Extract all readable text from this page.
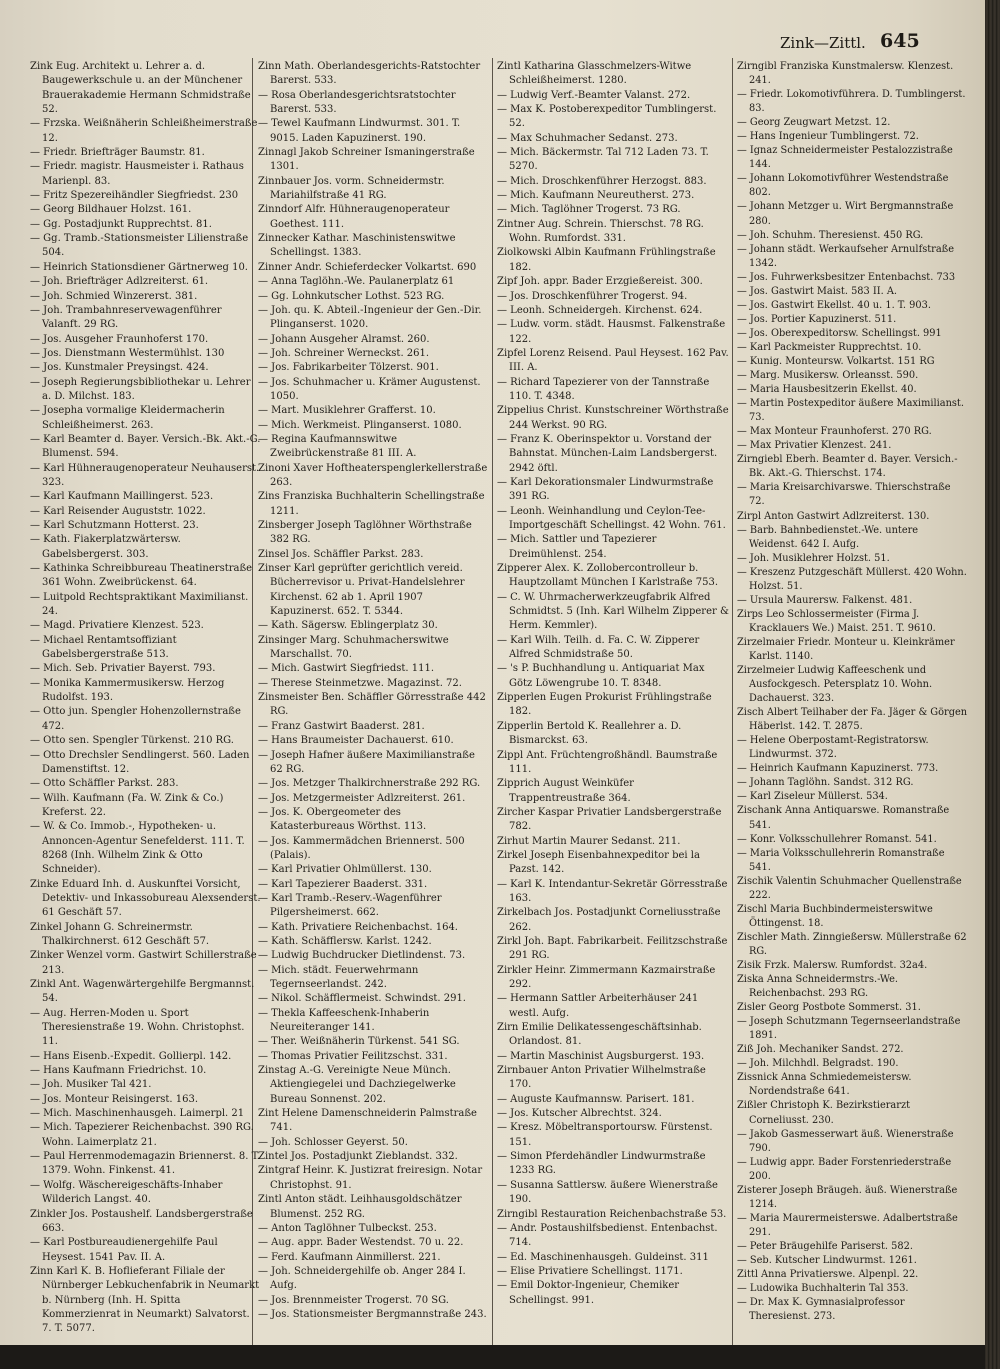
Zink—Zittl. 645

Zink Eug. Architekt u. Lehrer a. d. Baugewerkschule u. an der Münchener Brauerakademie Hermann Schmidstraße 52.

— Frzska. Weißnäherin Schleißheimerstraße 12.

— Friedr. Briefträger Baumstr. 81.

— Friedr. magistr. Hausmeister i. Rathaus Marienpl. 83.

— Fritz Spezereihändler Siegfriedst. 230

— Georg Bildhauer Holzst. 161.

— Gg. Postadjunkt Rupprechtst. 81.

— Gg. Tramb.-Stationsmeister Lilienstraße 504.

— Heinrich Stationsdiener Gärtnerweg 10.

— Joh. Briefträger Adlzreiterst. 61.

— Joh. Schmied Winzererst. 381.

— Joh. Trambahnreservewagenführer Valanft. 29 RG.

— Jos. Ausgeher Fraunhoferst 170.

— Jos. Dienstmann Westermühlst. 130

— Jos. Kunstmaler Preysingst. 424.

— Joseph Regierungsbibliothekar u. Lehrer a. D. Milchst. 183.

— Josepha vormalige Kleidermacherin Schleißheimerst. 263.

— Karl Beamter d. Bayer. Versich.-Bk. Akt.-G. Blumenst. 594.

— Karl Hühneraugenoperateur Neuhauserst. 323.

— Karl Kaufmann Maillingerst. 523.

— Karl Reisender Auguststr. 1022.

— Karl Schutzmann Hotterst. 23.

— Kath. Fiakerplatzwärtersw. Gabelsbergerst. 303.

— Kathinka Schreibbureau Theatinerstraße 361 Wohn. Zweibrückenst. 64.

— Luitpold Rechtspraktikant Maximilianst. 24.

— Magd. Privatiere Klenzest. 523.

— Michael Rentamtsoffiziant Gabelsbergerstraße 513.

— Mich. Seb. Privatier Bayerst. 793.

— Monika Kammermusikersw. Herzog Rudolfst. 193.

— Otto jun. Spengler Hohenzollernstraße 472.

— Otto sen. Spengler Türkenst. 210 RG.

— Otto Drechsler Sendlingerst. 560. Laden Damenstiftst. 12.

— Otto Schäffler Parkst. 283.

— Wilh. Kaufmann (Fa. W. Zink & Co.) Kreferst. 22.

— W. & Co. Immob.-, Hypotheken- u. Annoncen-Agentur Senefelderst. 111. T. 8268 (Inh. Wilhelm Zink & Otto Schneider).

Zinke Eduard Inh. d. Auskunftei Vorsicht, Detektiv- und Inkassobureau Alexsenderst. 61 Geschäft 57.

Zinkel Johann G. Schreinermstr. Thalkirchnerst. 612 Geschäft 57.

Zinker Wenzel vorm. Gastwirt Schillerstraße 213.

Zinkl Ant. Wagenwärtergehilfe Bergmannst. 54.

— Aug. Herren-Moden u. Sport Theresienstraße 19. Wohn. Christophst. 11.

— Hans Eisenb.-Expedit. Gollierpl. 142.

— Hans Kaufmann Friedrichst. 10.

— Joh. Musiker Tal 421.

— Jos. Monteur Reisingerst. 163.

— Mich. Maschinenhausgeh. Laimerpl. 21

— Mich. Tapezierer Reichenbachst. 390 RG. Wohn. Laimerplatz 21.

— Paul Herrenmodemagazin Briennerst. 8. T. 1379. Wohn. Finkenst. 41.

— Wolfg. Wäschereigeschäfts-Inhaber Wilderich Langst. 40.

Zinkler Jos. Postaushelf. Landsbergerstraße 663.

— Karl Postbureaudienergehilfe Paul Heysest. 1541 Pav. II. A.

Zinn Karl K. B. Hoflieferant Filiale der Nürnberger Lebkuchenfabrik in Neumarkt b. Nürnberg (Inh. H. Spitta Kommerzienrat in Neumarkt) Salvatorst. 7. T. 5077.

Zinn Math. Oberlandesgerichts-Ratstochter Barerst. 533.

— Rosa Oberlandesgerichtsratstochter Barerst. 533.

— Tewel Kaufmann Lindwurmst. 301. T. 9015. Laden Kapuzinerst. 190.

Zinnagl Jakob Schreiner Ismaningerstraße 1301.

Zinnbauer Jos. vorm. Schneidermstr. Mariahilfstraße 41 RG.

Zinndorf Alfr. Hühneraugenoperateur Goethest. 111.

Zinnecker Kathar. Maschinistenswitwe Schellingst. 1383.

Zinner Andr. Schieferdecker Volkartst. 690

— Anna Taglöhn.-We. Paulanerplatz 61

— Gg. Lohnkutscher Lothst. 523 RG.

— Joh. qu. K. Abteil.-Ingenieur der Gen.-Dir. Plinganserst. 1020.

— Johann Ausgeher Alramst. 260.

— Joh. Schreiner Werneckst. 261.

— Jos. Fabrikarbeiter Tölzerst. 901.

— Jos. Schuhmacher u. Krämer Augustenst. 1050.

— Mart. Musiklehrer Grafferst. 10.

— Mich. Werkmeist. Plinganserst. 1080.

— Regina Kaufmannswitwe Zweibrückenstraße 81 III. A.

Zinoni Xaver Hoftheaterspenglerkellerstraße 263.

Zins Franziska Buchhalterin Schellingstraße 1211.

Zinsberger Joseph Taglöhner Wörthstraße 382 RG.

Zinsel Jos. Schäffler Parkst. 283.

Zinser Karl geprüfter gerichtlich vereid. Bücherrevisor u. Privat-Handelslehrer Kirchenst. 62 ab 1. April 1907 Kapuzinerst. 652. T. 5344.

— Kath. Sägersw. Eblingerplatz 30.

Zinsinger Marg. Schuhmacherswitwe Marschallst. 70.

— Mich. Gastwirt Siegfriedst. 111.

— Therese Steinmetzwe. Magazinst. 72.

Zinsmeister Ben. Schäffler Görresstraße 442 RG.

— Franz Gastwirt Baaderst. 281.

— Hans Braumeister Dachauerst. 610.

— Joseph Hafner äußere Maximilianstraße 62 RG.

— Jos. Metzger Thalkirchnerstraße 292 RG.

— Jos. Metzgermeister Adlzreiterst. 261.

— Jos. K. Obergeometer des Katasterbureaus Wörthst. 113.

— Jos. Kammermädchen Briennerst. 500 (Palais).

— Karl Privatier Ohlmüllerst. 130.

— Karl Tapezierer Baaderst. 331.

— Karl Tramb.-Reserv.-Wagenführer Pilgersheimerst. 662.

— Kath. Privatiere Reichenbachst. 164.

— Kath. Schäfflersw. Karlst. 1242.

— Ludwig Buchdrucker Dietlindenst. 73.

— Mich. städt. Feuerwehrmann Tegernseerlandst. 242.

— Nikol. Schäfflermeist. Schwindst. 291.

— Thekla Kaffeeschenk-Inhaberin Neureiteranger 141.

— Ther. Weißnäherin Türkenst. 541 SG.

— Thomas Privatier Feilitzschst. 331.

Zinstag A.-G. Vereinigte Neue Münch. Aktiengiegelei und Dachziegelwerke Bureau Sonnenst. 202.

Zint Helene Damenschneiderin Palmstraße 741.

— Joh. Schlosser Geyerst. 50.

Zintel Jos. Postadjunkt Zieblandst. 332.

Zintgraf Heinr. K. Justizrat freiresign. Notar Christophst. 91.

Zintl Anton städt. Leihhausgoldschätzer Blumenst. 252 RG.

— Anton Taglöhner Tulbeckst. 253.

— Aug. appr. Bader Westendst. 70 u. 22.

— Ferd. Kaufmann Ainmillerst. 221.

— Joh. Schneidergehilfe ob. Anger 284 I. Aufg.

— Jos. Brennmeister Trogerst. 70 SG.

— Jos. Stationsmeister Bergmannstraße 243.

Zintl Katharina Glasschmelzers-Witwe Schleißheimerst. 1280.

— Ludwig Verf.-Beamter Valanst. 272.

— Max K. Postoberexpeditor Tumblingerst. 52.

— Max Schuhmacher Sedanst. 273.

— Mich. Bäckermstr. Tal 712 Laden 73. T. 5270.

— Mich. Droschkenführer Herzogst. 883.

— Mich. Kaufmann Neureutherst. 273.

— Mich. Taglöhner Trogerst. 73 RG.

Zintner Aug. Schrein. Thierschst. 78 RG. Wohn. Rumfordst. 331.

Ziolkowski Albin Kaufmann Frühlingstraße 182.

Zipf Joh. appr. Bader Erzgießereist. 300.

— Jos. Droschkenführer Trogerst. 94.

— Leonh. Schneidergeh. Kirchenst. 624.

— Ludw. vorm. städt. Hausmst. Falkenstraße 122.

Zipfel Lorenz Reisend. Paul Heysest. 162 Pav. III. A.

— Richard Tapezierer von der Tannstraße 110. T. 4348.

Zippelius Christ. Kunstschreiner Wörthstraße 244 Werkst. 90 RG.

— Franz K. Oberinspektor u. Vorstand der Bahnstat. München-Laim Landsbergerst. 2942 öftl.

— Karl Dekorationsmaler Lindwurmstraße 391 RG.

— Leonh. Weinhandlung und Ceylon-Tee-Importgeschäft Schellingst. 42 Wohn. 761.

— Mich. Sattler und Tapezierer Dreimühlenst. 254.

Zipperer Alex. K. Zollobercontrolleur b. Hauptzollamt München I Karlstraße 753.

— C. W. Uhrmacherwerkzeugfabrik Alfred Schmidtst. 5 (Inh. Karl Wilhelm Zipperer & Herm. Kemmler).

— Karl Wilh. Teilh. d. Fa. C. W. Zipperer Alfred Schmidstraße 50.

— 's P. Buchhandlung u. Antiquariat Max Götz Löwengrube 10. T. 8348.

Zipperlen Eugen Prokurist Frühlingstraße 182.

Zipperlin Bertold K. Reallehrer a. D. Bismarckst. 63.

Zippl Ant. Früchtengroßhändl. Baumstraße 111.

Zipprich August Weinküfer Trappentreustraße 364.

Zircher Kaspar Privatier Landsbergerstraße 782.

Zirhut Martin Maurer Sedanst. 211.

Zirkel Joseph Eisenbahnexpeditor bei la Pazst. 142.

— Karl K. Intendantur-Sekretär Görresstraße 163.

Zirkelbach Jos. Postadjunkt Corneliusstraße 262.

Zirkl Joh. Bapt. Fabrikarbeit. Feilitzschstraße 291 RG.

Zirkler Heinr. Zimmermann Kazmairstraße 292.

— Hermann Sattler Arbeiterhäuser 241 westl. Aufg.

Zirn Emilie Delikatessengeschäftsinhab. Orlandost. 81.

— Martin Maschinist Augsburgerst. 193.

Zirnbauer Anton Privatier Wilhelmstraße 170.

— Auguste Kaufmannsw. Parisert. 181.

— Jos. Kutscher Albrechtst. 324.

— Kresz. Möbeltransportoursw. Fürstenst. 151.

— Simon Pferdehändler Lindwurmstraße 1233 RG.

— Susanna Sattlersw. äußere Wienerstraße 190.

Zirngibl Restauration Reichenbachstraße 53.

— Andr. Postaushilfsbedienst. Entenbachst. 714.

— Ed. Maschinenhausgeh. Guldeinst. 311

— Elise Privatiere Schellingst. 1171.

— Emil Doktor-Ingenieur, Chemiker Schellingst. 991.

Zirngibl Franziska Kunstmalersw. Klenzest. 241.

— Friedr. Lokomotivführera. D. Tumblingerst. 83.

— Georg Zeugwart Metzst. 12.

— Hans Ingenieur Tumblingerst. 72.

— Ignaz Schneidermeister Pestalozzistraße 144.

— Johann Lokomotivführer Westendstraße 802.

— Johann Metzger u. Wirt Bergmannstraße 280.

— Joh. Schuhm. Theresienst. 450 RG.

— Johann städt. Werkaufseher Arnulfstraße 1342.

— Jos. Fuhrwerksbesitzer Entenbachst. 733

— Jos. Gastwirt Maist. 583 II. A.

— Jos. Gastwirt Ekellst. 40 u. 1. T. 903.

— Jos. Portier Kapuzinerst. 511.

— Jos. Oberexpeditorsw. Schellingst. 991

— Karl Packmeister Rupprechtst. 10.

— Kunig. Monteursw. Volkartst. 151 RG

— Marg. Musikersw. Orleansst. 590.

— Maria Hausbesitzerin Ekellst. 40.

— Martin Postexpeditor äußere Maximilianst. 73.

— Max Monteur Fraunhoferst. 270 RG.

— Max Privatier Klenzest. 241.

Zirngiebl Eberh. Beamter d. Bayer. Versich.-Bk. Akt.-G. Thierschst. 174.

— Maria Kreisarchivarswe. Thierschstraße 72.

Zirpl Anton Gastwirt Adlzreiterst. 130.

— Barb. Bahnbedienstet.-We. untere Weidenst. 642 I. Aufg.

— Joh. Musiklehrer Holzst. 51.

— Kreszenz Putzgeschäft Müllerst. 420 Wohn. Holzst. 51.

— Ursula Maurersw. Falkenst. 481.

Zirps Leo Schlossermeister (Firma J. Kracklauers We.) Maist. 251. T. 9610.

Zirzelmaier Friedr. Monteur u. Kleinkrämer Karlst. 1140.

Zirzelmeier Ludwig Kaffeeschenk und Ausfockgesch. Petersplatz 10. Wohn. Dachauerst. 323.

Zisch Albert Teilhaber der Fa. Jäger & Görgen Häberlst. 142. T. 2875.

— Helene Oberpostamt-Registratorsw. Lindwurmst. 372.

— Heinrich Kaufmann Kapuzinerst. 773.

— Johann Taglöhn. Sandst. 312 RG.

— Karl Ziseleur Müllerst. 534.

Zischank Anna Antiquarswe. Romanstraße 541.

— Konr. Volksschullehrer Romanst. 541.

— Maria Volksschullehrerin Romanstraße 541.

Zischik Valentin Schuhmacher Quellenstraße 222.

Zischl Maria Buchbindermeisterswitwe Öttingenst. 18.

Zischler Math. Zinngießersw. Müllerstraße 62 RG.

Zisik Frzk. Malersw. Rumfordst. 32a4.

Ziska Anna Schneidermstrs.-We. Reichenbachst. 293 RG.

Zisler Georg Postbote Sommerst. 31.

— Joseph Schutzmann Tegernseerlandstraße 1891.

Ziß Joh. Mechaniker Sandst. 272.

— Joh. Milchhdl. Belgradst. 190.

Zissnick Anna Schmiedemeistersw. Nordendstraße 641.

Zißler Christoph K. Bezirkstierarzt Corneliusst. 230.

— Jakob Gasmesserwart äuß. Wienerstraße 790.

— Ludwig appr. Bader Forstenriederstraße 200.

Zisterer Joseph Bräugeh. äuß. Wienerstraße 1214.

— Maria Maurermeisterswe. Adalbertstraße 291.

— Peter Bräugehilfe Pariserst. 582.

— Seb. Kutscher Lindwurmst. 1261.

Zittl Anna Privatierswe. Alpenpl. 22.

— Ludowika Buchhalterin Tal 353.

— Dr. Max K. Gymnasialprofessor Theresienst. 273.
